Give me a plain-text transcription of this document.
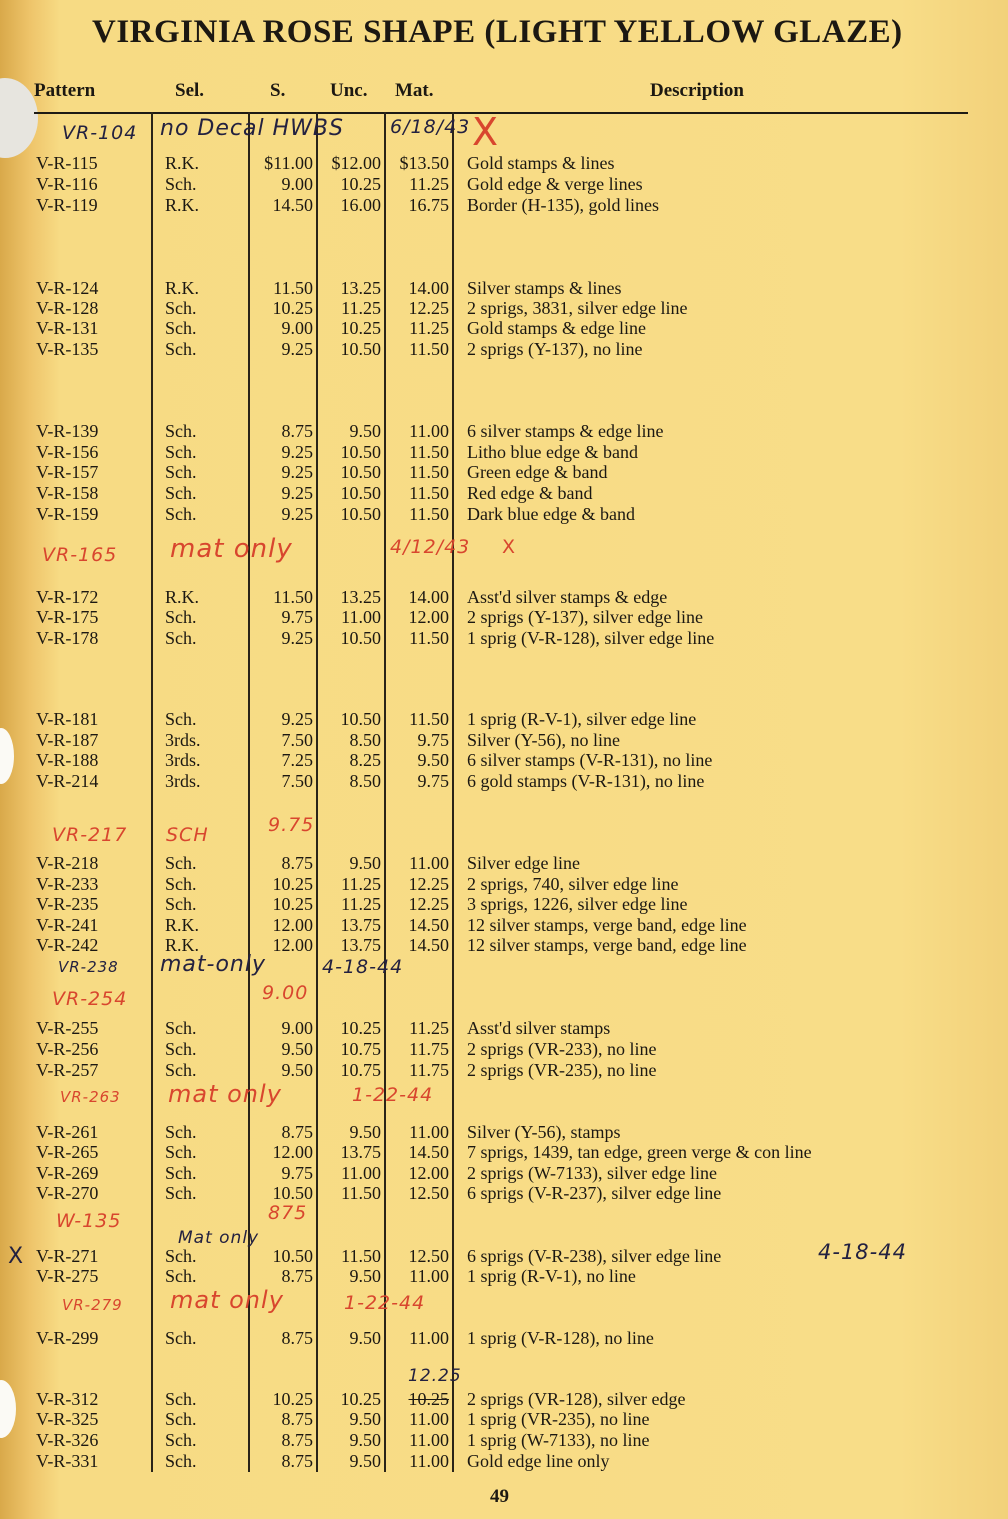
VIRGINIA ROSE SHAPE (LIGHT YELLOW GLAZE)
Pattern	Sel.	S. Unc. Mat.	Description
V-R-115	R.K.	$11.00 $12.00 $13.50 Gold stamps & lines
V-R-116	Sch.	9.00 10.25 11.25 Gold edge & verge lines
V-R-119	R.K.	14.50 16.00 16.75 Border (H-135), gold lines
V-R-124	R.K.	11.50 13.25 14.00 Silver stamps & lines
V-R-128	Sch.	10.25 11.25 12.25 2 sprigs, 3831, silver edge line
V-R-131	Sch.	9.00 10.25 11.25 Gold stamps & edge line
V-R-135	Sch.	9.25 10.50 11.50 2 sprigs (Y-137), no line
V-R-139	Sch.	8.75 9.50 11.00 6 silver stamps & edge line
V-R-156	Sch.	9.25 10.50 11.50 Litho blue edge & band
V-R-157	Sch.	9.25 10.50 11.50 Green edge & band
V-R-158	Sch.	9.25 10.50 11.50 Red edge & band
V-R-159	Sch.	9.25 10.50 11.50 Dark blue edge & band
V-R-172	R.K.	11.50 13.25 14.00 Asst'd silver stamps & edge
V-R-175	Sch.	9.75 11.00 12.00 2 sprigs (Y-137), silver edge line
V-R-178	Sch.	9.25 10.50 11.50 1 sprig (V-R-128), silver edge line
V-R-181	Sch.	9.25 10.50 11.50 1 sprig (R-V-1), silver edge line
V-R-187	3rds.	7.50 8.50 9.75 Silver (Y-56), no line
V-R-188	3rds.	7.25 8.25 9.50 6 silver stamps (V-R-131), no line
V-R-214	3rds.	7.50 8.50 9.75 6 gold stamps (V-R-131), no line
V-R-218	Sch.	8.75 9.50 11.00 Silver edge line
V-R-233	Sch.	10.25 11.25 12.25 2 sprigs, 740, silver edge line
V-R-235	Sch.	10.25 11.25 12.25 3 sprigs, 1226, silver edge line
V-R-241	R.K.	12.00 13.75 14.50 12 silver stamps, verge band, edge line
V-R-242	R.K.	12.00 13.75 14.50 12 silver stamps, verge band, edge line
V-R-255	Sch.	9.00 10.25 11.25 Asst'd silver stamps
V-R-256	Sch.	9.50 10.75 11.75 2 sprigs (VR-233), no line
V-R-257	Sch.	9.50 10.75 11.75 2 sprigs (VR-235), no line
V-R-261	Sch.	8.75 9.50 11.00 Silver (Y-56), stamps
V-R-265	Sch.	12.00 13.75 14.50 7 sprigs, 1439, tan edge, green verge & con line
V-R-269	Sch.	9.75 11.00 12.00 2 sprigs (W-7133), silver edge line
V-R-270	Sch.	10.50 11.50 12.50 6 sprigs (V-R-237), silver edge line
V-R-271	Sch.	10.50 11.50 12.50 6 sprigs (V-R-238), silver edge line
V-R-275	Sch.	8.75 9.50 11.00 1 sprig (R-V-1), no line
V-R-299	Sch.	8.75 9.50 11.00 1 sprig (V-R-128), no line
V-R-312	Sch.	10.25 10.25 10.25 2 sprigs (VR-128), silver edge
V-R-325	Sch.	8.75 9.50 11.00 1 sprig (VR-235), no line
V-R-326	Sch.	8.75 9.50 11.00 1 sprig (W-7133), no line
V-R-331	Sch.	8.75 9.50 11.00 Gold edge line only
VR-104 no Decal HWBS 6/18/43 X
VR-165 mat only	4/12/43 X
VR-217 SCH	9.75
VR-238 mat-only	4-18-44
VR-254	9.00
VR-263 mat only	1-22-44
W-135	875
Mat only
X	4-18-44
VR-279 mat only	1-22-44
12.25
49
